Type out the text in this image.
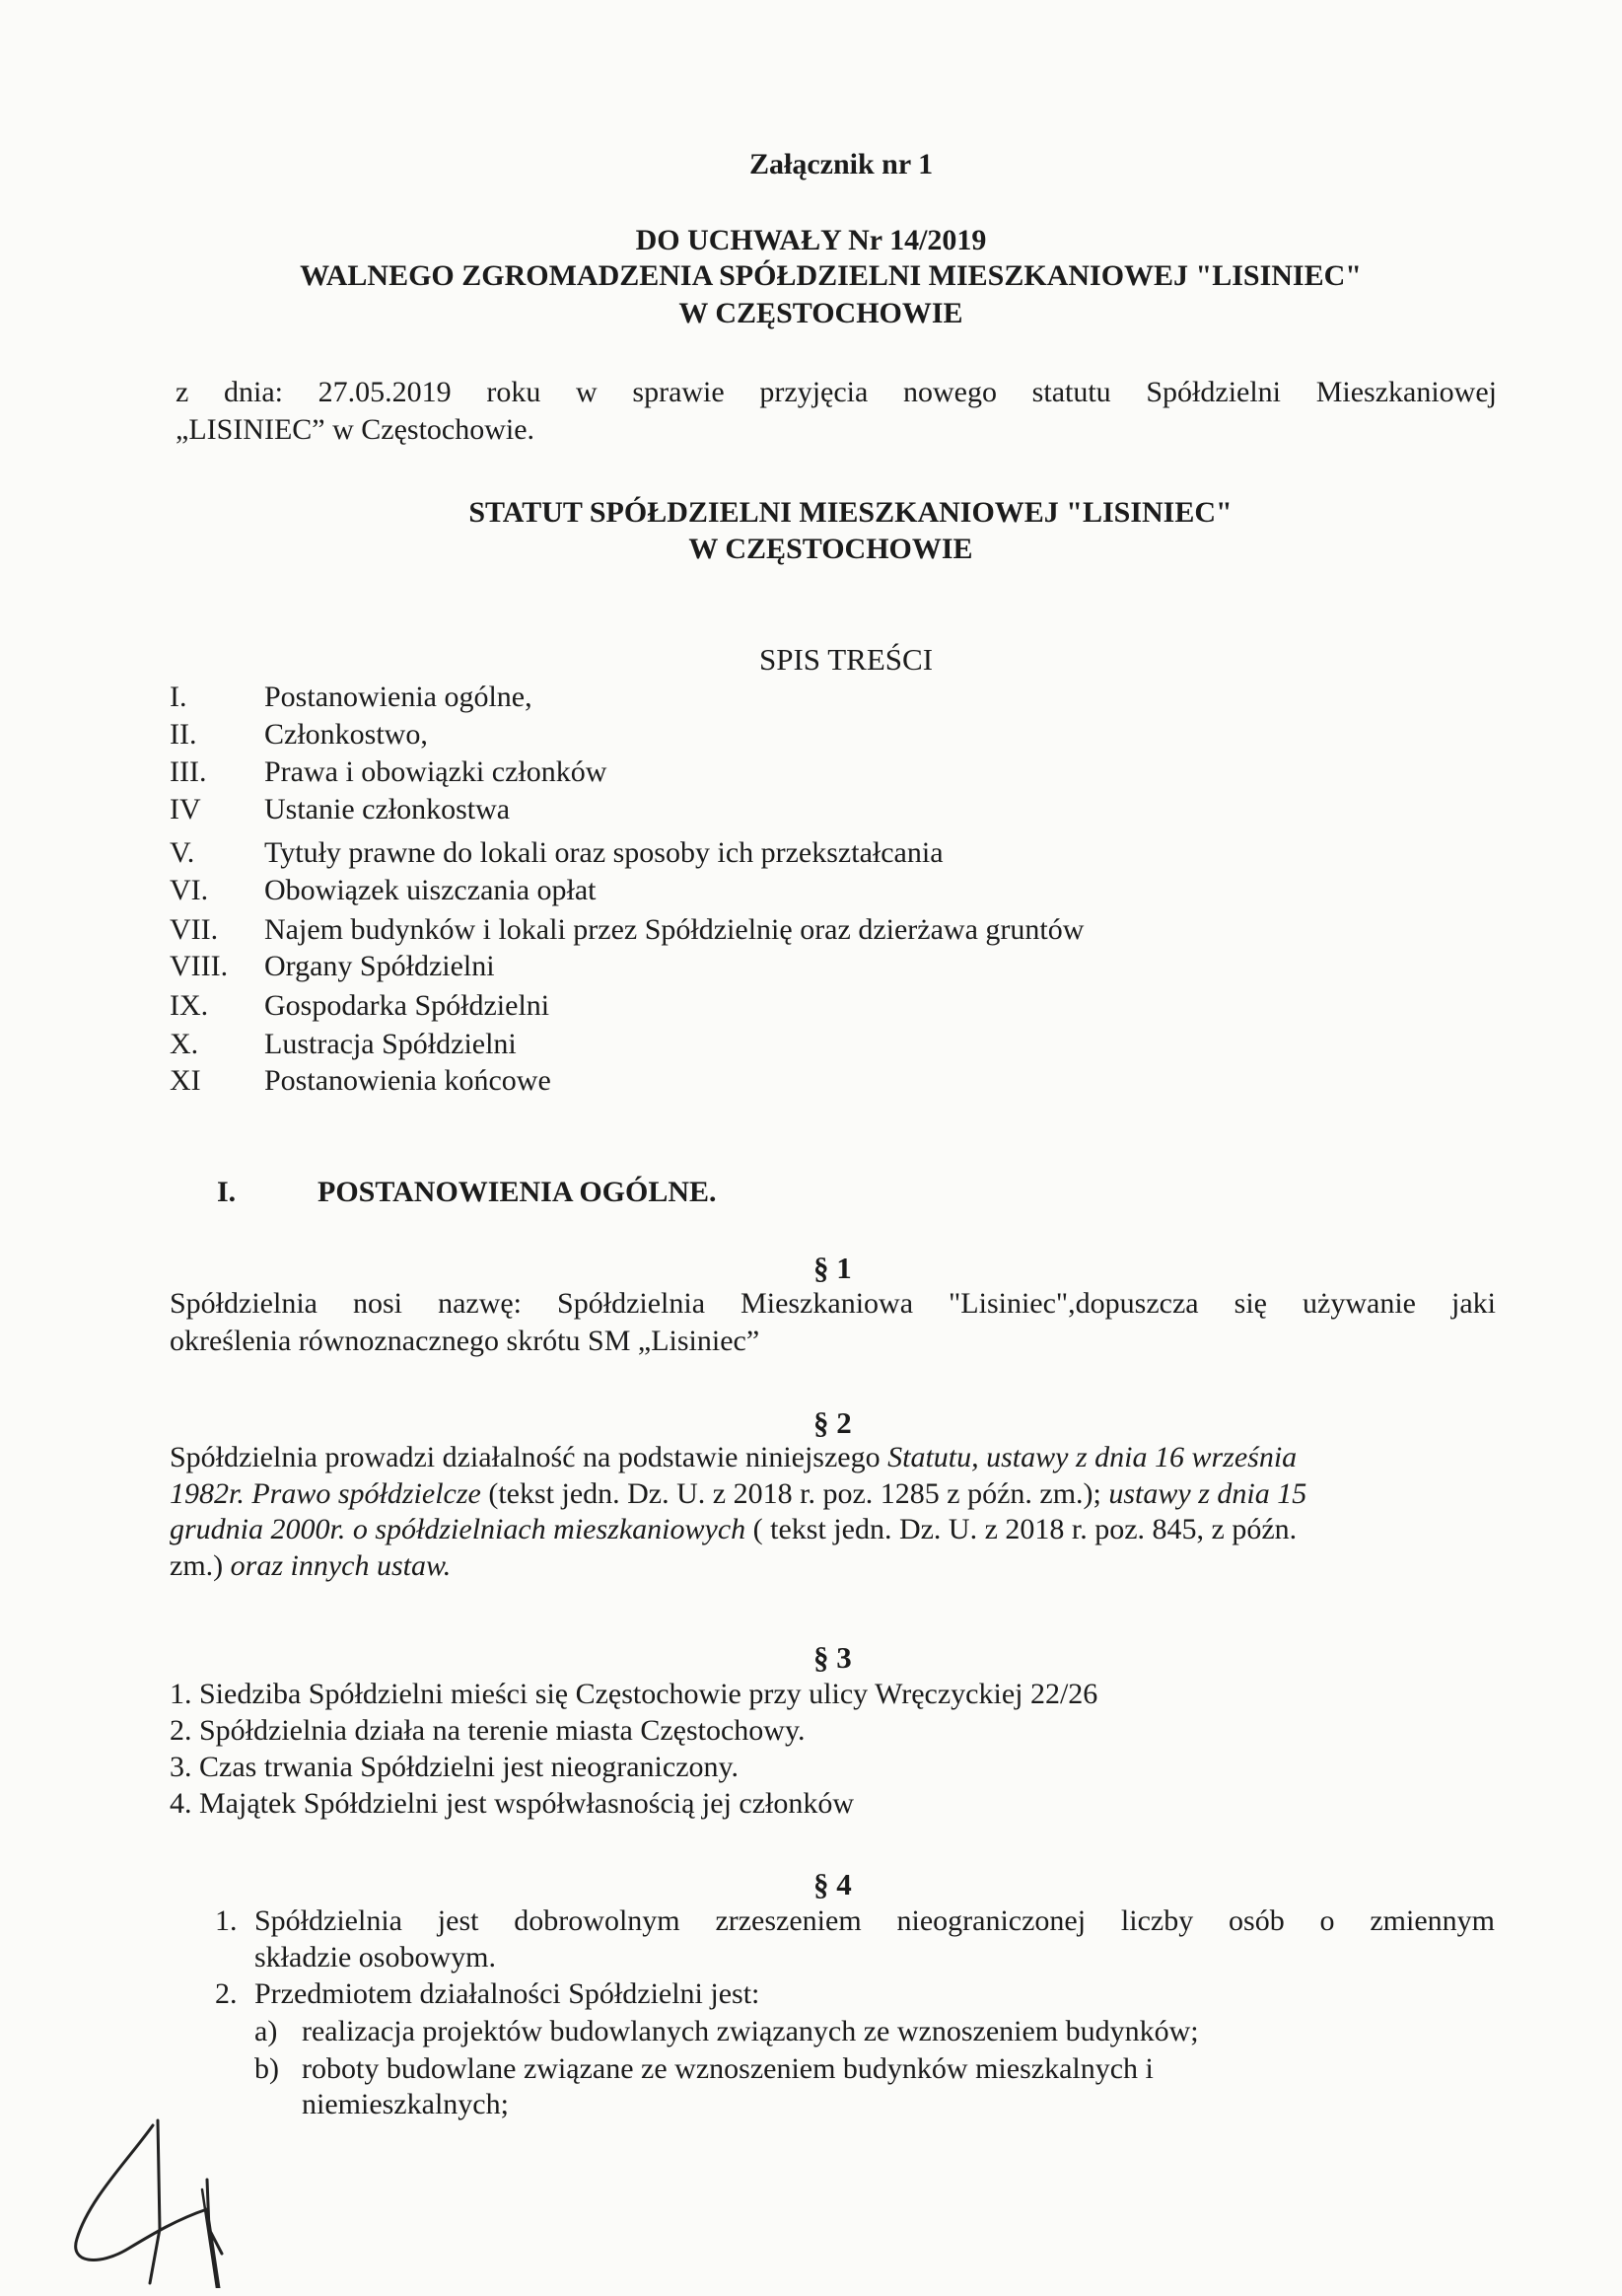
Załącznik nr 1
DO UCHWAŁY Nr 14/2019
WALNEGO ZGROMADZENIA SPÓŁDZIELNI MIESZKANIOWEJ "LISINIEC"
W CZĘSTOCHOWIE
z dnia: 27.05.2019 roku w sprawie przyjęcia nowego statutu Spółdzielni Mieszkaniowej
„LISINIEC” w Częstochowie.
STATUT SPÓŁDZIELNI MIESZKANIOWEJ "LISINIEC"
W CZĘSTOCHOWIE
SPIS TREŚCI
I.	Postanowienia ogólne,
II. Członkostwo,
III. Prawa i obowiązki członków
IV Ustanie członkostwa
V. Tytuły prawne do lokali oraz sposoby ich przekształcania
VI. Obowiązek uiszczania opłat
VII. Najem budynków i lokali przez Spółdzielnię oraz dzierżawa gruntów
VIII. Organy Spółdzielni
IX. Gospodarka Spółdzielni
X. Lustracja Spółdzielni
XI Postanowienia końcowe
I.	POSTANOWIENIA OGÓLNE.
§ 1
Spółdzielnia nosi nazwę: Spółdzielnia Mieszkaniowa "Lisiniec",dopuszcza się używanie jaki
określenia równoznacznego skrótu SM „Lisiniec”
§ 2
Spółdzielnia prowadzi działalność na podstawie niniejszego Statutu, ustawy z dnia 16 września
1982r. Prawo spółdzielcze (tekst jedn. Dz. U. z 2018 r. poz. 1285 z późn. zm.); ustawy z dnia 15
grudnia 2000r. o spółdzielniach mieszkaniowych ( tekst jedn. Dz. U. z 2018 r. poz. 845, z późn.
zm.) oraz innych ustaw.
§ 3
1. Siedziba Spółdzielni mieści się Częstochowie przy ulicy Wręczyckiej 22/26
2. Spółdzielnia działa na terenie miasta Częstochowy.
3. Czas trwania Spółdzielni jest nieograniczony.
4. Majątek Spółdzielni jest współwłasnością jej członków
§ 4
1. Spółdzielnia jest dobrowolnym zrzeszeniem nieograniczonej liczby osób o zmiennym
składzie osobowym.
2. Przedmiotem działalności Spółdzielni jest:
a) realizacja projektów budowlanych związanych ze wznoszeniem budynków;
b) roboty budowlane związane ze wznoszeniem budynków mieszkalnych i
niemieszkalnych;
